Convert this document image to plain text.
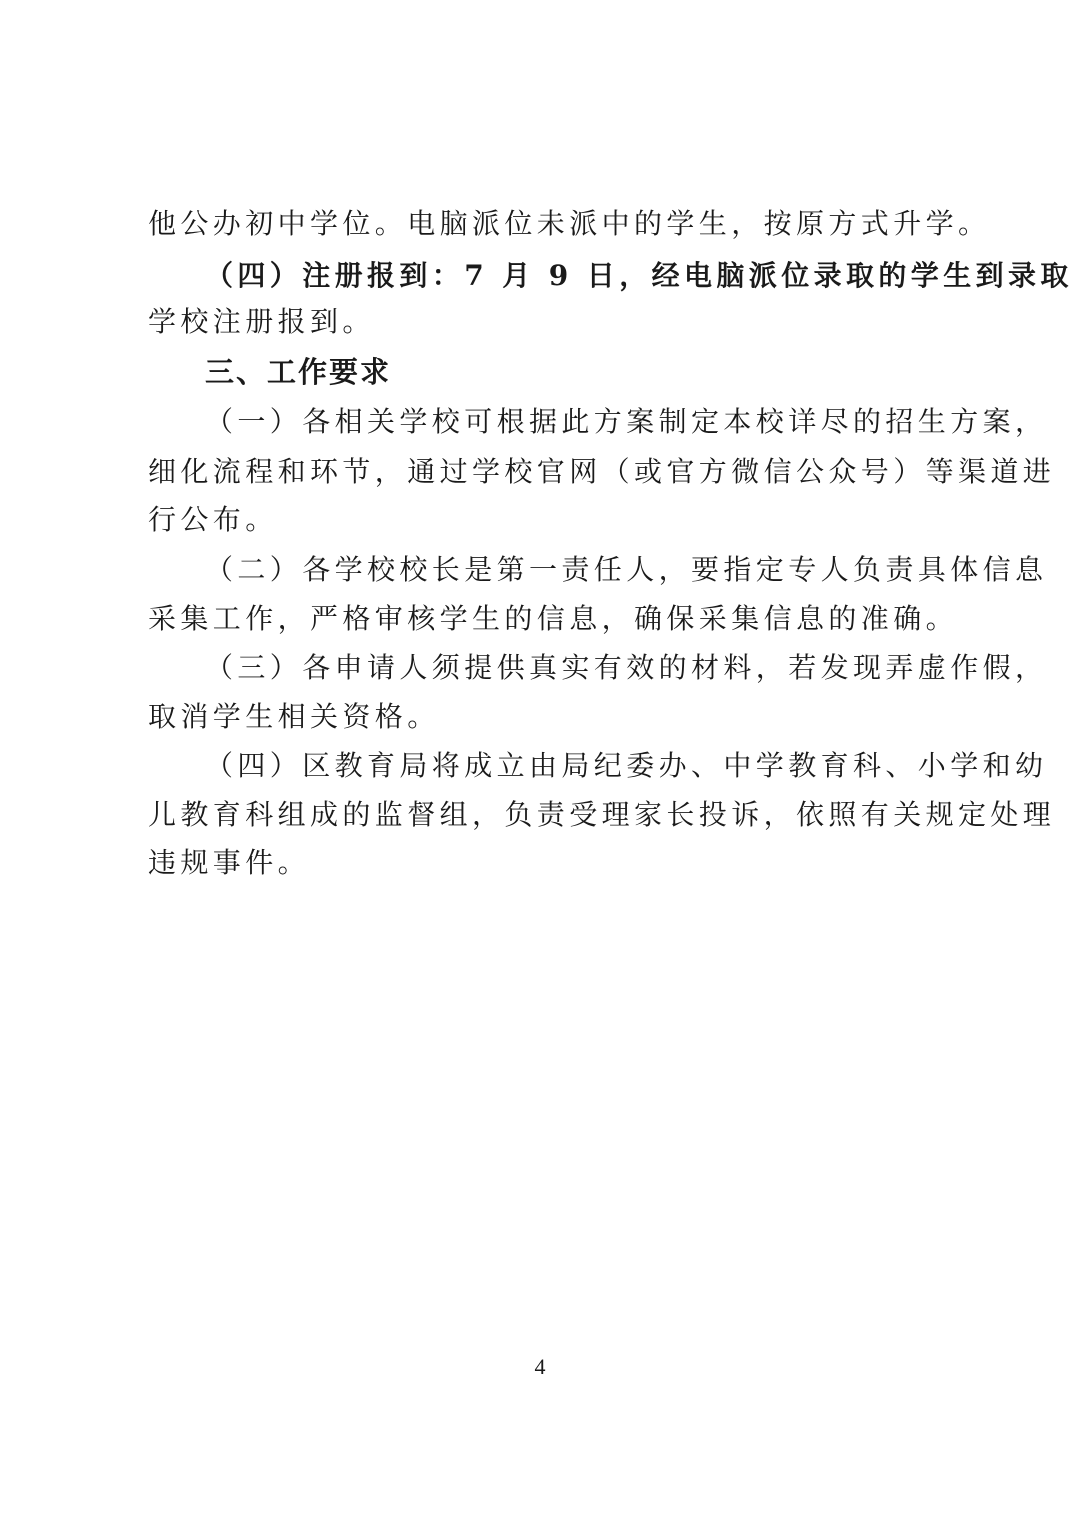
他公办初中学位。电脑派位未派中的学生，按原方式升学。
（四）注册报到：7 月 9 日，经电脑派位录取的学生到录取
学校注册报到。
三、工作要求
（一）各相关学校可根据此方案制定本校详尽的招生方案，
细化流程和环节，通过学校官网（或官方微信公众号）等渠道进
行公布。
（二）各学校校长是第一责任人，要指定专人负责具体信息
采集工作，严格审核学生的信息，确保采集信息的准确。
（三）各申请人须提供真实有效的材料，若发现弄虚作假，
取消学生相关资格。
（四）区教育局将成立由局纪委办、中学教育科、小学和幼
儿教育科组成的监督组，负责受理家长投诉，依照有关规定处理
违规事件。
4
